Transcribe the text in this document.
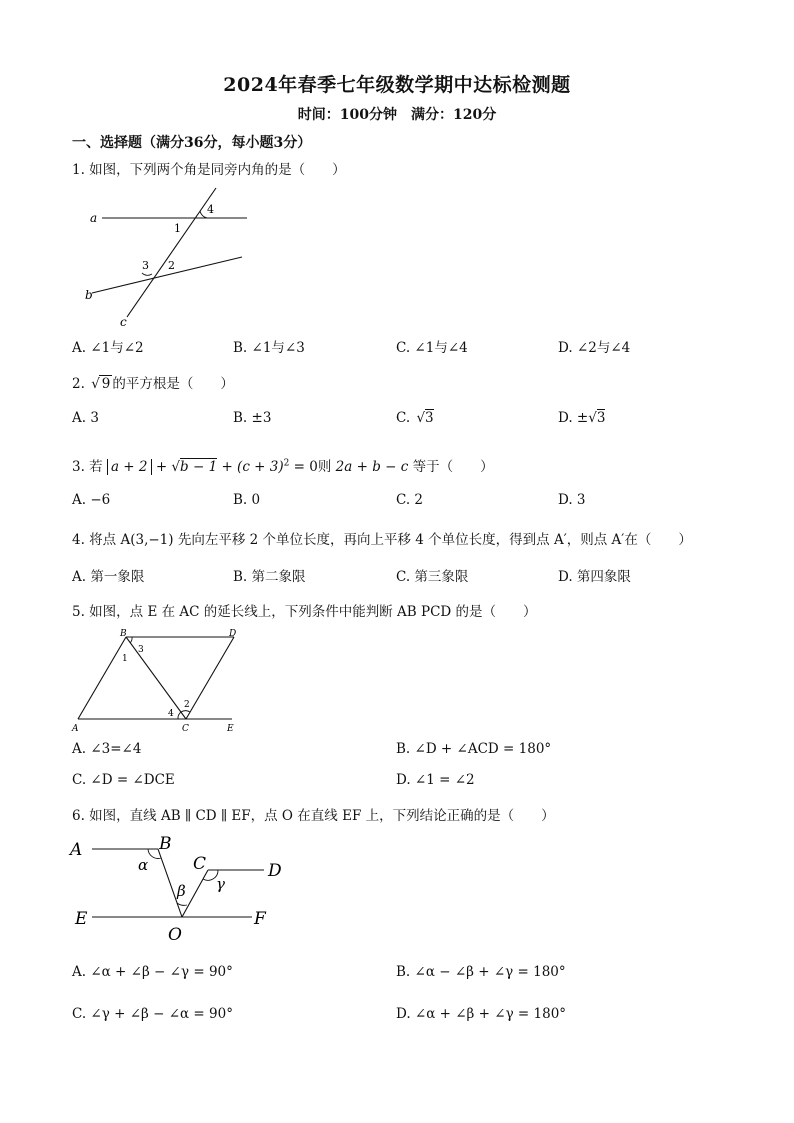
2024年春季七年级数学期中达标检测题
时间：100分钟　满分：120分
一、选择题（满分36分，每小题3分）
1. 如图，下列两个角是同旁内角的是（　　）
a
b
c
1
2
3
4
A. ∠1与∠2	B. ∠1与∠3	C. ∠1与∠4	D. ∠2与∠4
2. √ 9 的平方根是（　　）
A. 3	B. ±3	C. √3	D. ±√3
3. 若 $a + 2 + √b - 1 + (c + 3)^2 = 0$则 2a + b − c 等于（　　）
A. −6	B. 0	C. 2	D. 3
4. 将点 A(3,−1) 先向左平移 2 个单位长度，再向上平移 4 个单位长度，得到点 A′，则点 A′在（　　）
A. 第一象限	B. 第二象限	C. 第三象限	D. 第四象限
5. 如图，点 E 在 AC 的延长线上，下列条件中能判断 AB PCD 的是（　　）
A
B
C
D
E
1
2
3
4
A. ∠3=∠4	B. ∠D + ∠ACD = 180°
C. ∠D = ∠DCE	D. ∠1 = ∠2
6. 如图，直线 AB ∥ CD ∥ EF，点 O 在直线 EF 上，下列结论正确的是（　　）
A	B
C	D
E	F
O
α
β γ
A. ∠α + ∠β − ∠γ = 90°	B. ∠α − ∠β + ∠γ = 180°
C. ∠γ + ∠β − ∠α = 90°	D. ∠α + ∠β + ∠γ = 180°
